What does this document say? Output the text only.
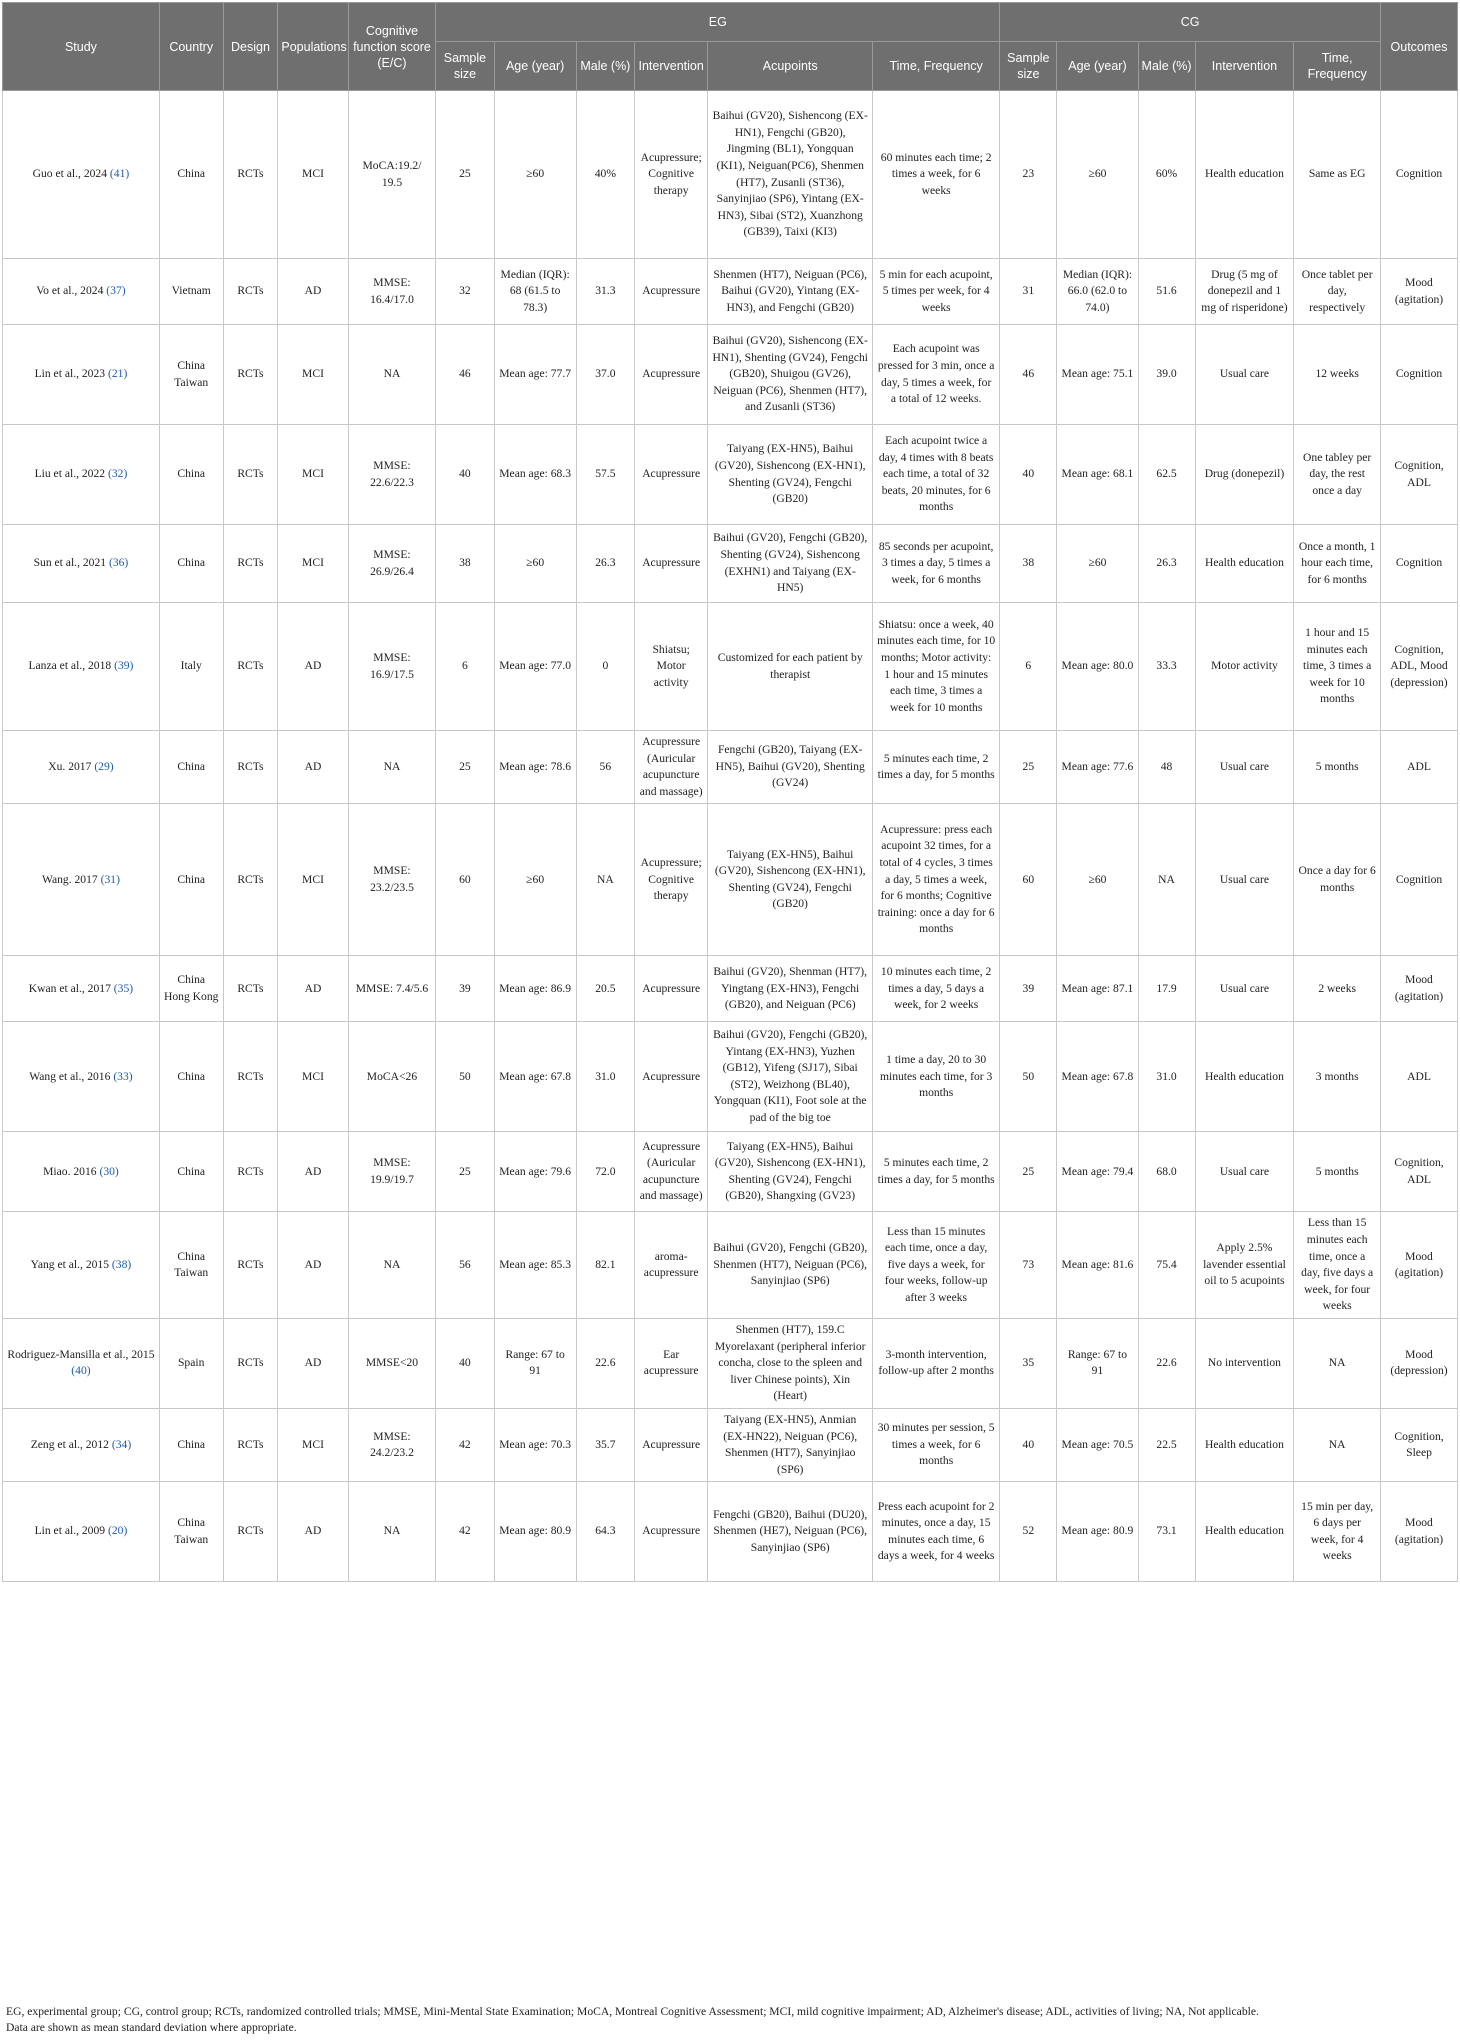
Study	Country	Design	Populations	Cognitive function score (E/C)	EG						CG					Outcomes
					Sample size	Age (year)	Male (%)	Intervention	Acupoints	Time, Frequency	Sample size	Age (year)	Male (%)	Intervention	Time, Frequency	
Guo et al., 2024 (41)	China	RCTs	MCI	MoCA:19.2/ 19.5	25	≥60	40%	Acupressure; Cognitive therapy	Baihui (GV20), Sishencong (EX-HN1), Fengchi (GB20), Jingming (BL1), Yongquan (KI1), Neiguan(PC6), Shenmen (HT7), Zusanli (ST36), Sanyinjiao (SP6), Yintang (EX-HN3), Sibai (ST2), Xuanzhong (GB39), Taixi (KI3)	60 minutes each time; 2 times a week, for 6 weeks	23	≥60	60%	Health education	Same as EG	Cognition
Vo et al., 2024 (37)	Vietnam	RCTs	AD	MMSE: 16.4/17.0	32	Median (IQR): 68 (61.5 to 78.3)	31.3	Acupressure	Shenmen (HT7), Neiguan (PC6), Baihui (GV20), Yintang (EX-HN3), and Fengchi (GB20)	5 min for each acupoint, 5 times per week, for 4 weeks	31	Median (IQR): 66.0 (62.0 to 74.0)	51.6	Drug (5 mg of donepezil and 1 mg of risperidone)	Once tablet per day, respectively	Mood (agitation)
Lin et al., 2023 (21)	China Taiwan	RCTs	MCI	NA	46	Mean age: 77.7	37.0	Acupressure	Baihui (GV20), Sishencong (EX-HN1), Shenting (GV24), Fengchi (GB20), Shuigou (GV26), Neiguan (PC6), Shenmen (HT7), and Zusanli (ST36)	Each acupoint was pressed for 3 min, once a day, 5 times a week, for a total of 12 weeks.	46	Mean age: 75.1	39.0	Usual care	12 weeks	Cognition
Liu et al., 2022 (32)	China	RCTs	MCI	MMSE: 22.6/22.3	40	Mean age: 68.3	57.5	Acupressure	Taiyang (EX-HN5), Baihui (GV20), Sishencong (EX-HN1), Shenting (GV24), Fengchi (GB20)	Each acupoint twice a day, 4 times with 8 beats each time, a total of 32 beats, 20 minutes, for 6 months	40	Mean age: 68.1	62.5	Drug (donepezil)	One tabley per day, the rest once a day	Cognition, ADL
Sun et al., 2021 (36)	China	RCTs	MCI	MMSE: 26.9/26.4	38	≥60	26.3	Acupressure	Baihui (GV20), Fengchi (GB20), Shenting (GV24), Sishencong (EXHN1) and Taiyang (EX-HN5)	85 seconds per acupoint, 3 times a day, 5 times a week, for 6 months	38	≥60	26.3	Health education	Once a month, 1 hour each time, for 6 months	Cognition
Lanza et al., 2018 (39)	Italy	RCTs	AD	MMSE: 16.9/17.5	6	Mean age: 77.0	0	Shiatsu; Motor activity	Customized for each patient by therapist	Shiatsu: once a week, 40 minutes each time, for 10 months; Motor activity: 1 hour and 15 minutes each time, 3 times a week for 10 months	6	Mean age: 80.0	33.3	Motor activity	1 hour and 15 minutes each time, 3 times a week for 10 months	Cognition, ADL, Mood (depression)
Xu. 2017 (29)	China	RCTs	AD	NA	25	Mean age: 78.6	56	Acupressure (Auricular acupuncture and massage)	Fengchi (GB20), Taiyang (EX-HN5), Baihui (GV20), Shenting (GV24)	5 minutes each time, 2 times a day, for 5 months	25	Mean age: 77.6	48	Usual care	5 months	ADL
Wang. 2017 (31)	China	RCTs	MCI	MMSE: 23.2/23.5	60	≥60	NA	Acupressure; Cognitive therapy	Taiyang (EX-HN5), Baihui (GV20), Sishencong (EX-HN1), Shenting (GV24), Fengchi (GB20)	Acupressure: press each acupoint 32 times, for a total of 4 cycles, 3 times a day, 5 times a week, for 6 months; Cognitive training: once a day for 6 months	60	≥60	NA	Usual care	Once a day for 6 months	Cognition
Kwan et al., 2017 (35)	China Hong Kong	RCTs	AD	MMSE: 7.4/5.6	39	Mean age: 86.9	20.5	Acupressure	Baihui (GV20), Shenman (HT7), Yingtang (EX-HN3), Fengchi (GB20), and Neiguan (PC6)	10 minutes each time, 2 times a day, 5 days a week, for 2 weeks	39	Mean age: 87.1	17.9	Usual care	2 weeks	Mood (agitation)
Wang et al., 2016 (33)	China	RCTs	MCI	MoCA<26	50	Mean age: 67.8	31.0	Acupressure	Baihui (GV20), Fengchi (GB20), Yintang (EX-HN3), Yuzhen (GB12), Yifeng (SJ17), Sibai (ST2), Weizhong (BL40), Yongquan (KI1), Foot sole at the pad of the big toe	1 time a day, 20 to 30 minutes each time, for 3 months	50	Mean age: 67.8	31.0	Health education	3 months	ADL
Miao. 2016 (30)	China	RCTs	AD	MMSE: 19.9/19.7	25	Mean age: 79.6	72.0	Acupressure (Auricular acupuncture and massage)	Taiyang (EX-HN5), Baihui (GV20), Sishencong (EX-HN1), Shenting (GV24), Fengchi (GB20), Shangxing (GV23)	5 minutes each time, 2 times a day, for 5 months	25	Mean age: 79.4	68.0	Usual care	5 months	Cognition, ADL
Yang et al., 2015 (38)	China Taiwan	RCTs	AD	NA	56	Mean age: 85.3	82.1	aroma-acupressure	Baihui (GV20), Fengchi (GB20), Shenmen (HT7), Neiguan (PC6), Sanyinjiao (SP6)	Less than 15 minutes each time, once a day, five days a week, for four weeks, follow-up after 3 weeks	73	Mean age: 81.6	75.4	Apply 2.5% lavender essential oil to 5 acupoints	Less than 15 minutes each time, once a day, five days a week, for four weeks	Mood (agitation)
Rodriguez-Mansilla et al., 2015 (40)	Spain	RCTs	AD	MMSE<20	40	Range: 67 to 91	22.6	Ear acupressure	Shenmen (HT7), 159.C Myorelaxant (peripheral inferior concha, close to the spleen and liver Chinese points), Xin (Heart)	3-month intervention, follow-up after 2 months	35	Range: 67 to 91	22.6	No intervention	NA	Mood (depression)
Zeng et al., 2012 (34)	China	RCTs	MCI	MMSE: 24.2/23.2	42	Mean age: 70.3	35.7	Acupressure	Taiyang (EX-HN5), Anmian (EX-HN22), Neiguan (PC6), Shenmen (HT7), Sanyinjiao (SP6)	30 minutes per session, 5 times a week, for 6 months	40	Mean age: 70.5	22.5	Health education	NA	Cognition, Sleep
Lin et al., 2009 (20)	China Taiwan	RCTs	AD	NA	42	Mean age: 80.9	64.3	Acupressure	Fengchi (GB20), Baihui (DU20), Shenmen (HE7), Neiguan (PC6), Sanyinjiao (SP6)	Press each acupoint for 2 minutes, once a day, 15 minutes each time, 6 days a week, for 4 weeks	52	Mean age: 80.9	73.1	Health education	15 min per day, 6 days per week, for 4 weeks	Mood (agitation)
EG, experimental group; CG, control group; RCTs, randomized controlled trials; MMSE, Mini-Mental State Examination; MoCA, Montreal Cognitive Assessment; MCI, mild cognitive impairment; AD, Alzheimer's disease; ADL, activities of living; NA, Not applicable.
Data are shown as mean standard deviation where appropriate.
